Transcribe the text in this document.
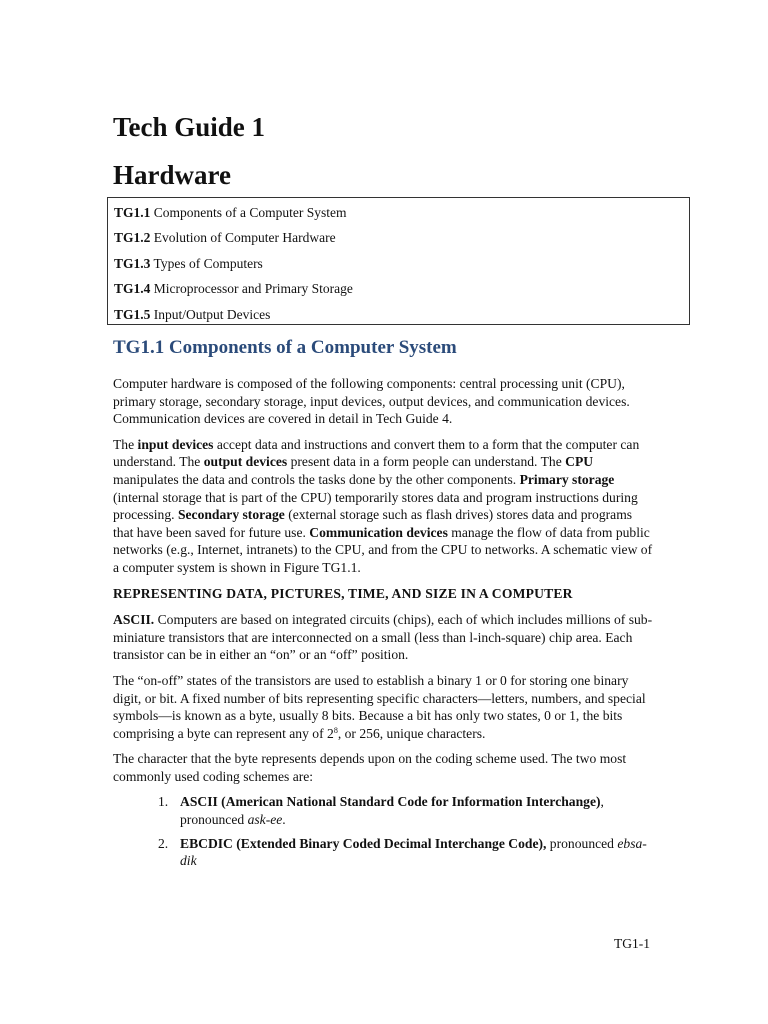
Tech Guide 1
Hardware
TG1.1 Components of a Computer System
TG1.2 Evolution of Computer Hardware
TG1.3 Types of Computers
TG1.4 Microprocessor and Primary Storage
TG1.5 Input/Output Devices
TG1.1 Components of a Computer System

Computer hardware is composed of the following components: central processing unit (CPU), primary storage, secondary storage, input devices, output devices, and communication devices. Communication devices are covered in detail in Tech Guide 4.

The input devices accept data and instructions and convert them to a form that the computer can understand. The output devices present data in a form people can understand. The CPU manipulates the data and controls the tasks done by the other components. Primary storage (internal storage that is part of the CPU) temporarily stores data and program instructions during processing. Secondary storage (external storage such as flash drives) stores data and programs that have been saved for future use. Communication devices manage the flow of data from public networks (e.g., Internet, intranets) to the CPU, and from the CPU to networks. A schematic view of a computer system is shown in Figure TG1.1.

REPRESENTING DATA, PICTURES, TIME, AND SIZE IN A COMPUTER

ASCII. Computers are based on integrated circuits (chips), each of which includes millions of sub-miniature transistors that are interconnected on a small (less than l-inch-square) chip area. Each transistor can be in either an “on” or an “off” position.

The “on-off” states of the transistors are used to establish a binary 1 or 0 for storing one binary digit, or bit. A fixed number of bits representing specific characters—letters, numbers, and special symbols—is known as a byte, usually 8 bits. Because a bit has only two states, 0 or 1, the bits comprising a byte can represent any of $2^8$, or 256, unique characters.

The character that the byte represents depends upon on the coding scheme used. The two most commonly used coding schemes are:

1. ASCII (American National Standard Code for Information Interchange), pronounced ask-ee.
2. EBCDIC (Extended Binary Coded Decimal Interchange Code), pronounced ebsa-dik
TG1-1
